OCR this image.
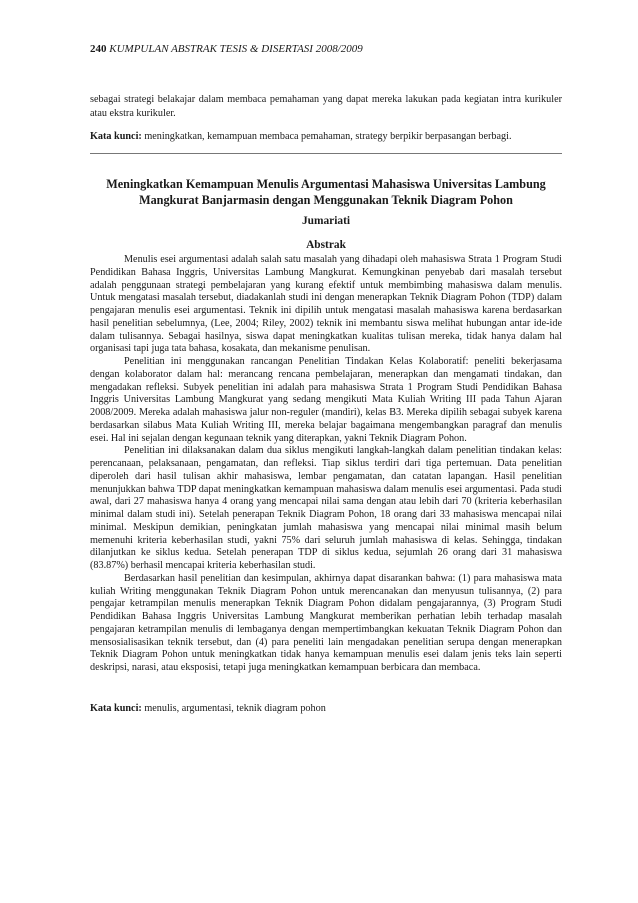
240 KUMPULAN ABSTRAK TESIS & DISERTASI 2008/2009
sebagai strategi belakajar dalam membaca pemahaman yang dapat mereka lakukan pada kegiatan intra kurikuler atau ekstra kurikuler.
Kata kunci: meningkatkan, kemampuan membaca pemahaman, strategy berpikir berpasangan berbagi.
Meningkatkan Kemampuan Menulis Argumentasi Mahasiswa Universitas Lambung
Mangkurat Banjarmasin dengan Menggunakan Teknik Diagram Pohon
Jumariati
Abstrak

Menulis esei argumentasi adalah salah satu masalah yang dihadapi oleh mahasiswa Strata 1 Program Studi Pendidikan Bahasa Inggris, Universitas Lambung Mangkurat. Kemungkinan penyebab dari masalah tersebut adalah penggunaan strategi pembelajaran yang kurang efektif untuk membimbing mahasiswa dalam menulis. Untuk mengatasi masalah tersebut, diadakanlah studi ini dengan menerapkan Teknik Diagram Pohon (TDP) dalam pengajaran menulis esei argumentasi. Teknik ini dipilih untuk mengatasi masalah mahasiswa karena berdasarkan hasil penelitian sebelumnya, (Lee, 2004; Riley, 2002) teknik ini membantu siswa melihat hubungan antar ide-ide dalam tulisannya. Sebagai hasilnya, siswa dapat meningkatkan kualitas tulisan mereka, tidak hanya dalam hal organisasi tapi juga tata bahasa, kosakata, dan mekanisme penulisan.

Penelitian ini menggunakan rancangan Penelitian Tindakan Kelas Kolaboratif: peneliti bekerjasama dengan kolaborator dalam hal: merancang rencana pembelajaran, menerapkan dan mengamati tindakan, dan mengadakan refleksi. Subyek penelitian ini adalah para mahasiswa Strata 1 Program Studi Pendidikan Bahasa Inggris Universitas Lambung Mangkurat yang sedang mengikuti Mata Kuliah Writing III pada Tahun Ajaran 2008/2009. Mereka adalah mahasiswa jalur non-reguler (mandiri), kelas B3. Mereka dipilih sebagai subyek karena berdasarkan silabus Mata Kuliah Writing III, mereka belajar bagaimana mengembangkan paragraf dan menulis esei. Hal ini sejalan dengan kegunaan teknik yang diterapkan, yakni Teknik Diagram Pohon.

Penelitian ini dilaksanakan dalam dua siklus mengikuti langkah-langkah dalam penelitian tindakan kelas: perencanaan, pelaksanaan, pengamatan, dan refleksi. Tiap siklus terdiri dari tiga pertemuan. Data penelitian diperoleh dari hasil tulisan akhir mahasiswa, lembar pengamatan, dan catatan lapangan. Hasil penelitian menunjukkan bahwa TDP dapat meningkatkan kemampuan mahasiswa dalam menulis esei argumentasi. Pada studi awal, dari 27 mahasiswa hanya 4 orang yang mencapai nilai sama dengan atau lebih dari 70 (kriteria keberhasilan minimal dalam studi ini). Setelah penerapan Teknik Diagram Pohon, 18 orang dari 33 mahasiswa mencapai nilai minimal. Meskipun demikian, peningkatan jumlah mahasiswa yang mencapai nilai minimal masih belum memenuhi kriteria keberhasilan studi, yakni 75% dari seluruh jumlah mahasiswa di kelas. Sehingga, tindakan dilanjutkan ke siklus kedua. Setelah penerapan TDP di siklus kedua, sejumlah 26 orang dari 31 mahasiswa (83.87%) berhasil mencapai kriteria keberhasilan studi.

Berdasarkan hasil penelitian dan kesimpulan, akhirnya dapat disarankan bahwa: (1) para mahasiswa mata kuliah Writing menggunakan Teknik Diagram Pohon untuk merencanakan dan menyusun tulisannya, (2) para pengajar ketrampilan menulis menerapkan Teknik Diagram Pohon didalam pengajarannya, (3) Program Studi Pendidikan Bahasa Inggris Universitas Lambung Mangkurat memberikan perhatian lebih terhadap masalah pengajaran ketrampilan menulis di lembaganya dengan mempertimbangkan kekuatan Teknik Diagram Pohon dan mensosialisasikan teknik tersebut, dan (4) para peneliti lain mengadakan penelitian serupa dengan menerapkan Teknik Diagram Pohon untuk meningkatkan tidak hanya kemampuan menulis esei dalam jenis teks lain seperti deskripsi, narasi, atau eksposisi, tetapi juga meningkatkan kemampuan berbicara dan membaca.

Kata kunci: menulis, argumentasi, teknik diagram pohon
